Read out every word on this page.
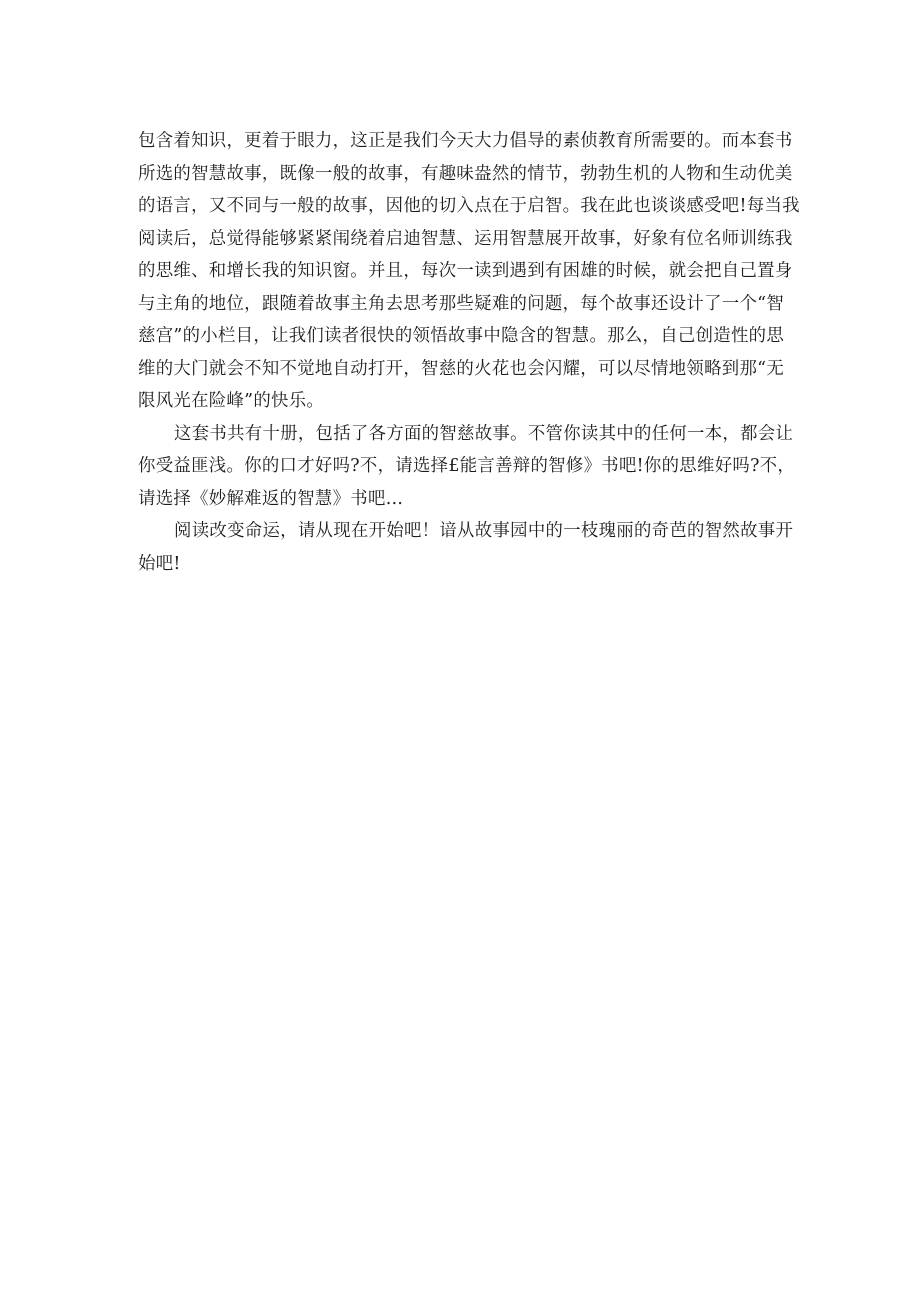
包含着知识，更着于眼力，这正是我们今天大力倡导的素侦教育所需要的。而本套书
所选的智慧故事，既像一般的故事，有趣味盎然的情节，勃勃生机的人物和生动优美
的语言，又不同与一般的故事，因他的切入点在于启智。我在此也谈谈感受吧!每当我
阅读后，总觉得能够紧紧闱绕着启迪智慧、运用智慧展开故事，好象有位名师训练我
的思维、和增长我的知识窗。并且，每次一读到遇到有困雄的时候，就会把自己置身
与主角的地位，跟随着故事主角去思考那些疑难的问题，每个故事还设计了一个“智
慈宫”的小栏目，让我们读者很快的领悟故事中隐含的智慧。那么，自己创造性的思
维的大门就会不知不觉地自动打开，智慈的火花也会闪耀，可以尽情地领略到那“无
限风光在险峰”的快乐。
这套书共有十册，包括了各方面的智慈故事。不管你读其中的任何一本，都会让
你受益匪浅。你的口才好吗?不，请选择£能言善辩的智修》书吧!你的思维好吗?不，
请选择《妙解难返的智慧》书吧…
阅读改变命运，请从现在开始吧！谙从故事园中的一枝瑰丽的奇芭的智然故事开
始吧!
